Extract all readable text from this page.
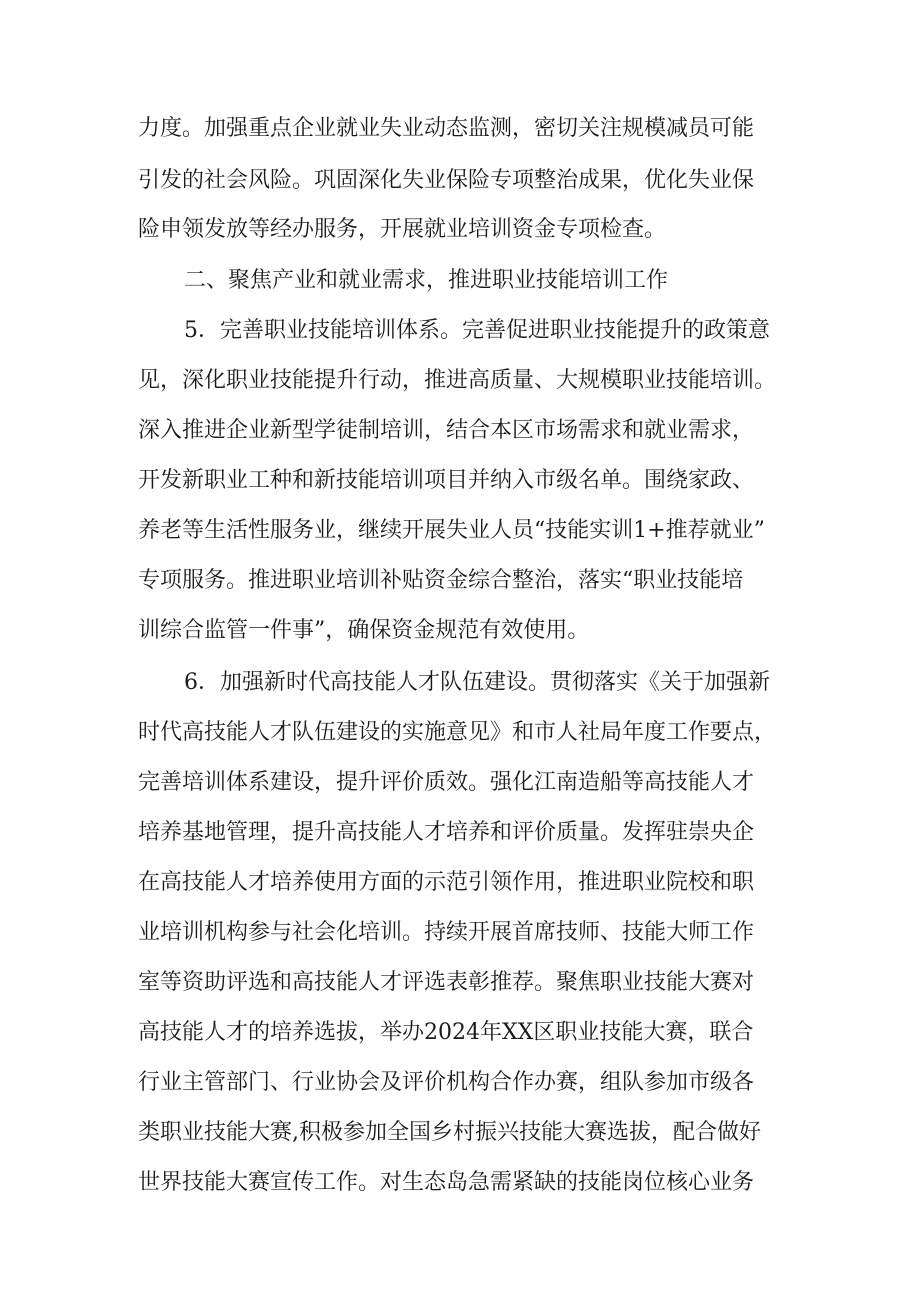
力度。加强重点企业就业失业动态监测，密切关注规模减员可能
引发的社会风险。巩固深化失业保险专项整治成果，优化失业保
险申领发放等经办服务，开展就业培训资金专项检查。
二、聚焦产业和就业需求，推进职业技能培训工作
5．完善职业技能培训体系。完善促进职业技能提升的政策意
见，深化职业技能提升行动，推进高质量、大规模职业技能培训。
深入推进企业新型学徒制培训，结合本区市场需求和就业需求，
开发新职业工种和新技能培训项目并纳入市级名单。围绕家政、
养老等生活性服务业，继续开展失业人员“技能实训1+推荐就业”
专项服务。推进职业培训补贴资金综合整治，落实“职业技能培
训综合监管一件事”，确保资金规范有效使用。
6．加强新时代高技能人才队伍建设。贯彻落实《关于加强新
时代高技能人才队伍建设的实施意见》和市人社局年度工作要点，
完善培训体系建设，提升评价质效。强化江南造船等高技能人才
培养基地管理，提升高技能人才培养和评价质量。发挥驻崇央企
在高技能人才培养使用方面的示范引领作用，推进职业院校和职
业培训机构参与社会化培训。持续开展首席技师、技能大师工作
室等资助评选和高技能人才评选表彰推荐。聚焦职业技能大赛对
高技能人才的培养选拔，举办2024年XX区职业技能大赛，联合
行业主管部门、行业协会及评价机构合作办赛，组队参加市级各
类职业技能大赛,积极参加全国乡村振兴技能大赛选拔，配合做好
世界技能大赛宣传工作。对生态岛急需紧缺的技能岗位核心业务
